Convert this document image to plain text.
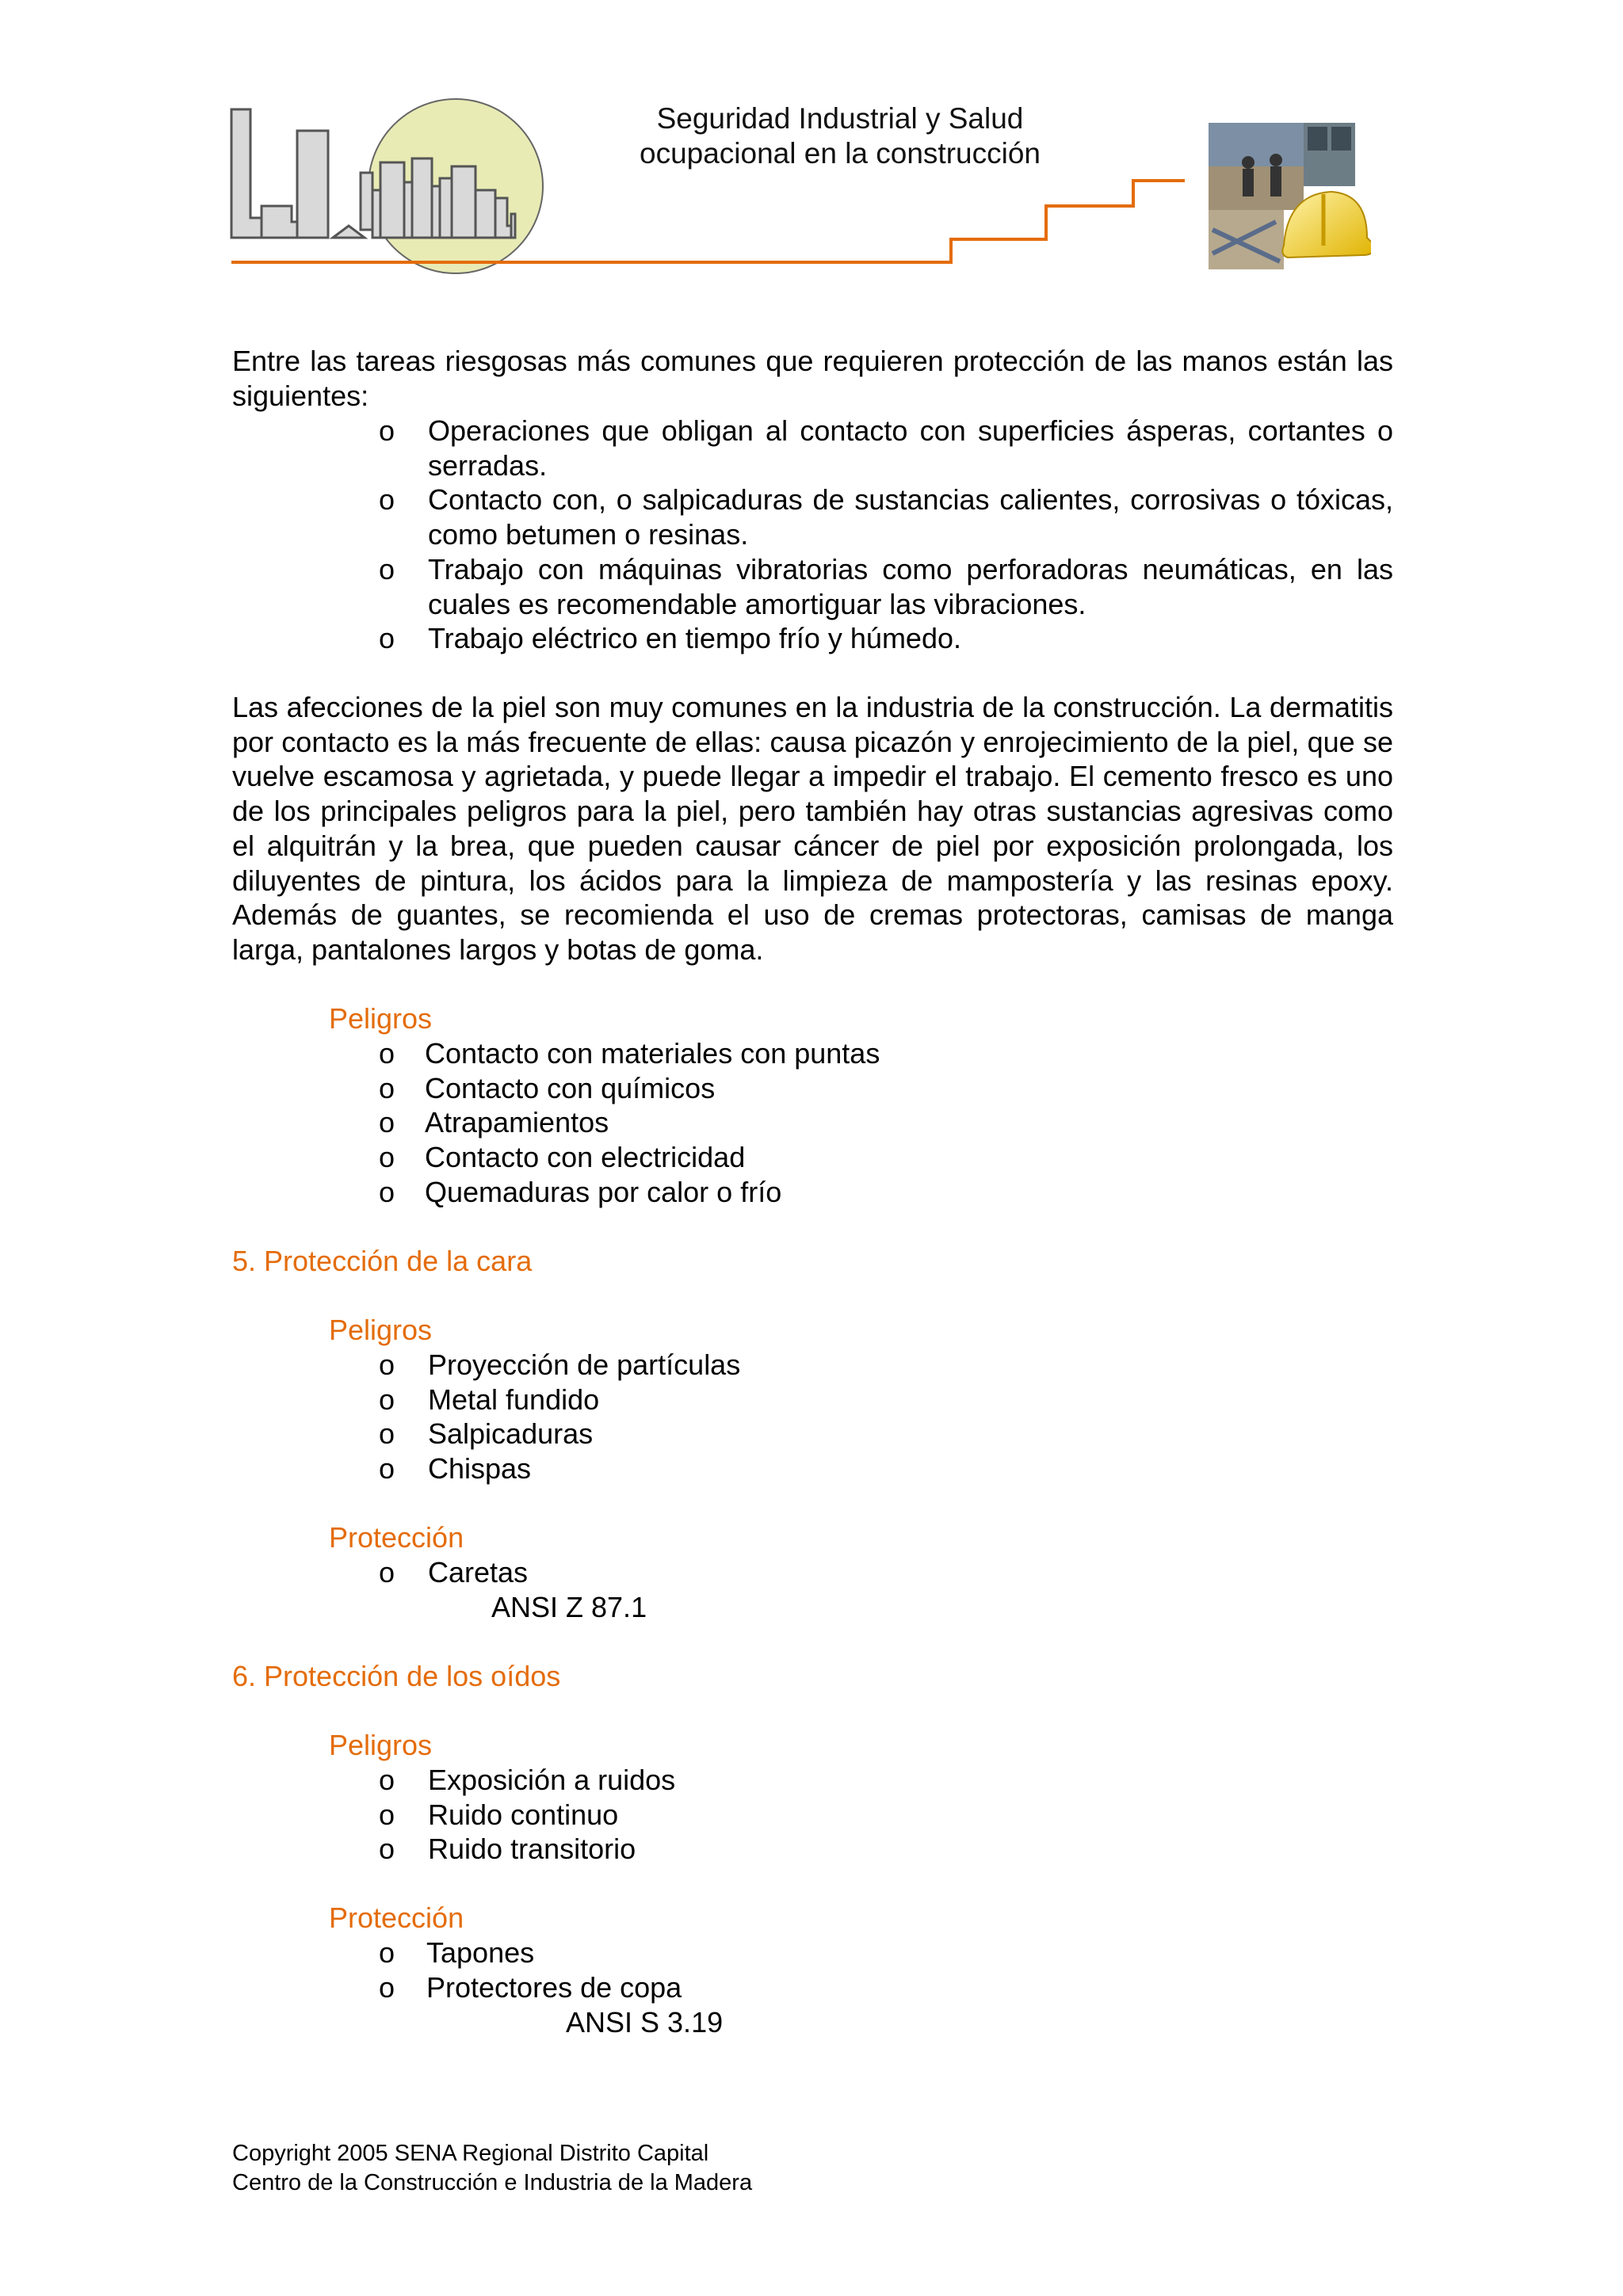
Seguridad Industrial y Salud
ocupacional en la construcción
Entre las tareas riesgosas más comunes que requieren protección de las manos están las siguientes:
o Operaciones que obligan al contacto con superficies ásperas, cortantes o serradas.
o Contacto con, o salpicaduras de sustancias calientes, corrosivas o tóxicas, como betumen o resinas.
o Trabajo con máquinas vibratorias como perforadoras neumáticas, en las cuales es recomendable amortiguar las vibraciones.
o Trabajo eléctrico en tiempo frío y húmedo.
Las afecciones de la piel son muy comunes en la industria de la construcción. La dermatitis por contacto es la más frecuente de ellas: causa picazón y enrojecimiento de la piel, que se vuelve escamosa y agrietada, y puede llegar a impedir el trabajo. El cemento fresco es uno de los principales peligros para la piel, pero también hay otras sustancias agresivas como el alquitrán y la brea, que pueden causar cáncer de piel por exposición prolongada, los diluyentes de pintura, los ácidos para la limpieza de mampostería y las resinas epoxy. Además de guantes, se recomienda el uso de cremas protectoras, camisas de manga larga, pantalones largos y botas de goma.
Peligros
o Contacto con materiales con puntas
o Contacto con químicos
o Atrapamientos
o Contacto con electricidad
o Quemaduras por calor o frío
5. Protección de la cara
Peligros
o Proyección de partículas
o Metal fundido
o Salpicaduras
o Chispas
Protección
o Caretas
ANSI Z 87.1
6. Protección de los oídos
Peligros
o Exposición a ruidos
o Ruido continuo
o Ruido transitorio
Protección
o Tapones
o Protectores de copa
ANSI S 3.19
Copyright 2005 SENA Regional Distrito Capital
Centro de la Construcción e Industria de la Madera
